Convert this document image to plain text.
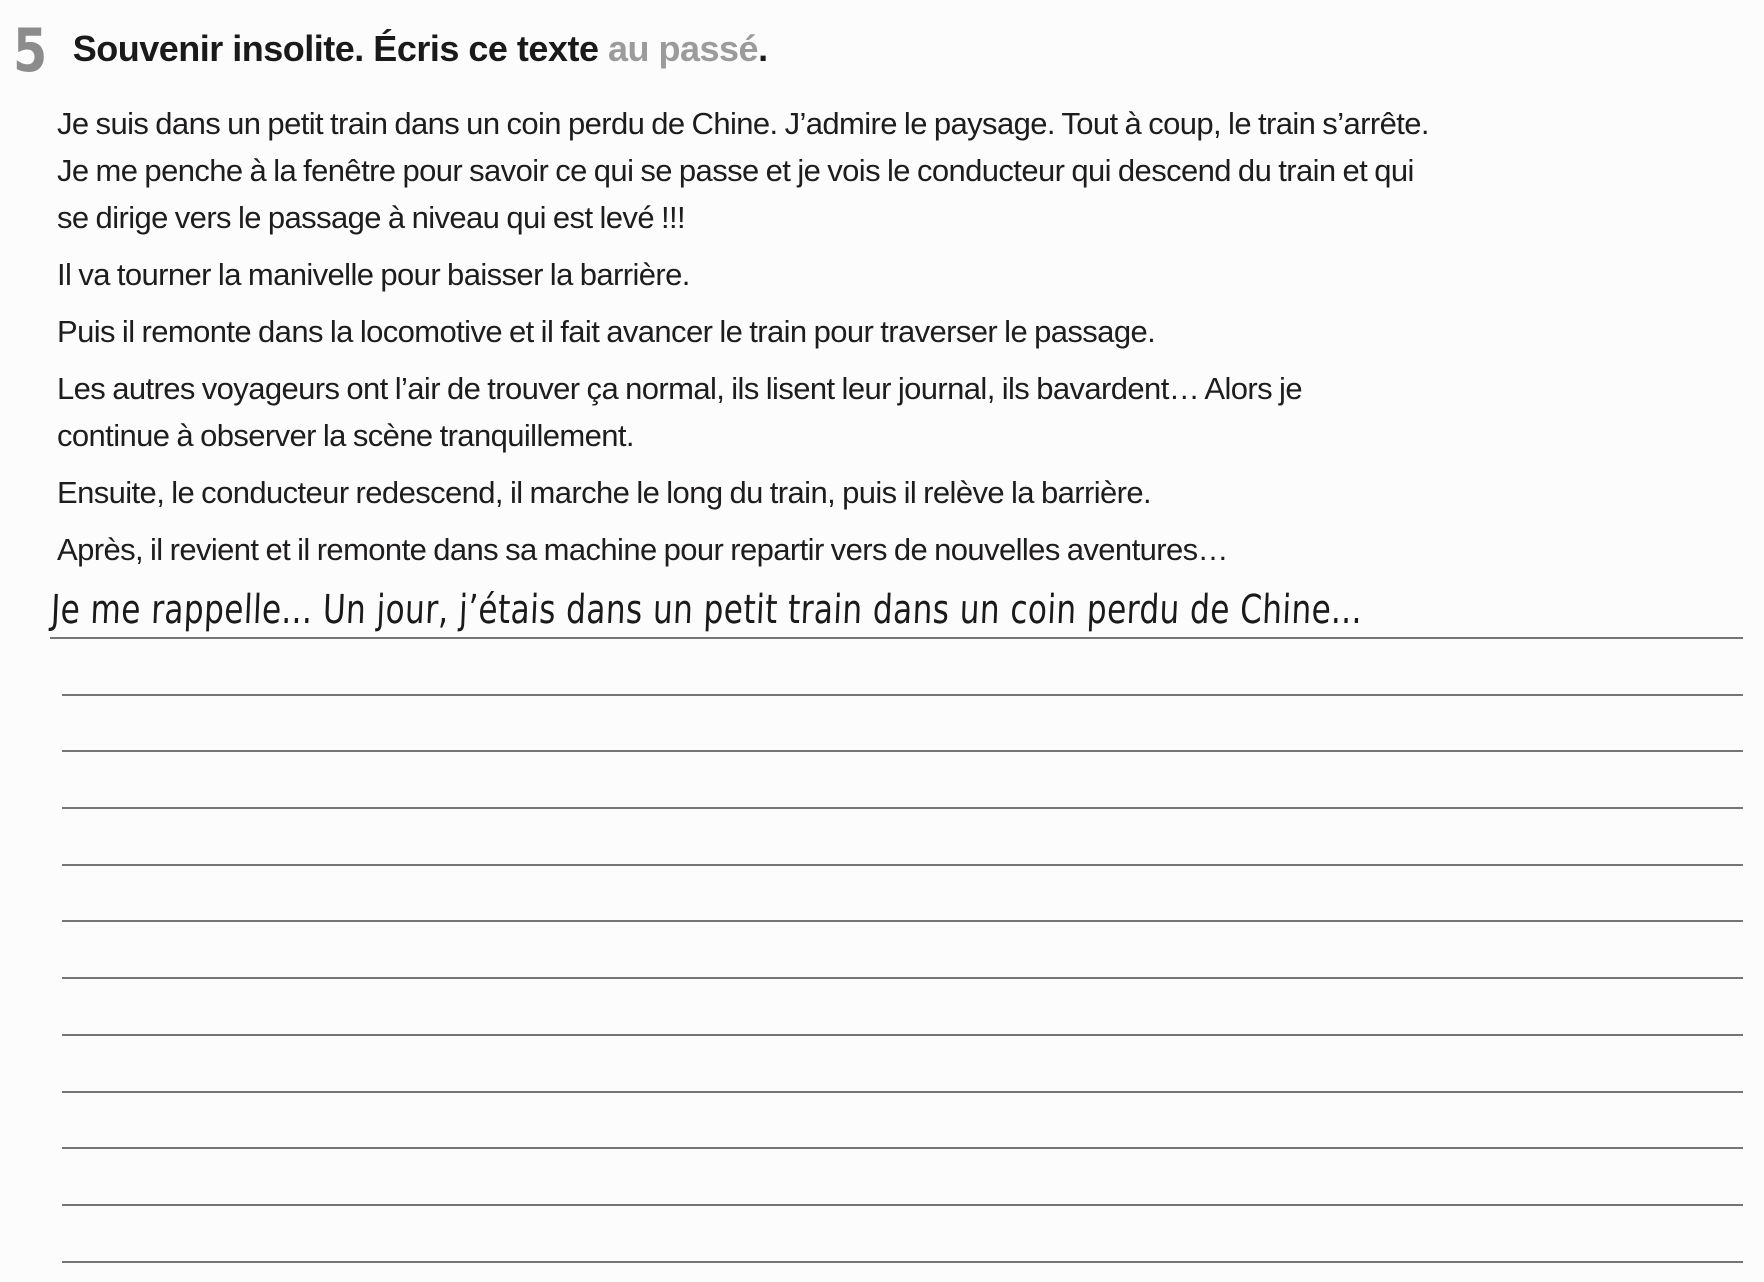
5 Souvenir insolite. Écris ce texte au passé.

Je suis dans un petit train dans un coin perdu de Chine. J’admire le paysage. Tout à coup, le train s’arrête.
Je me penche à la fenêtre pour savoir ce qui se passe et je vois le conducteur qui descend du train et qui
se dirige vers le passage à niveau qui est levé !!!

Il va tourner la manivelle pour baisser la barrière.

Puis il remonte dans la locomotive et il fait avancer le train pour traverser le passage.

Les autres voyageurs ont l’air de trouver ça normal, ils lisent leur journal, ils bavardent… Alors je
continue à observer la scène tranquillement.

Ensuite, le conducteur redescend, il marche le long du train, puis il relève la barrière.

Après, il revient et il remonte dans sa machine pour repartir vers de nouvelles aventures…

Je me rappelle... Un jour, j’étais dans un petit train dans un coin perdu de Chine...
